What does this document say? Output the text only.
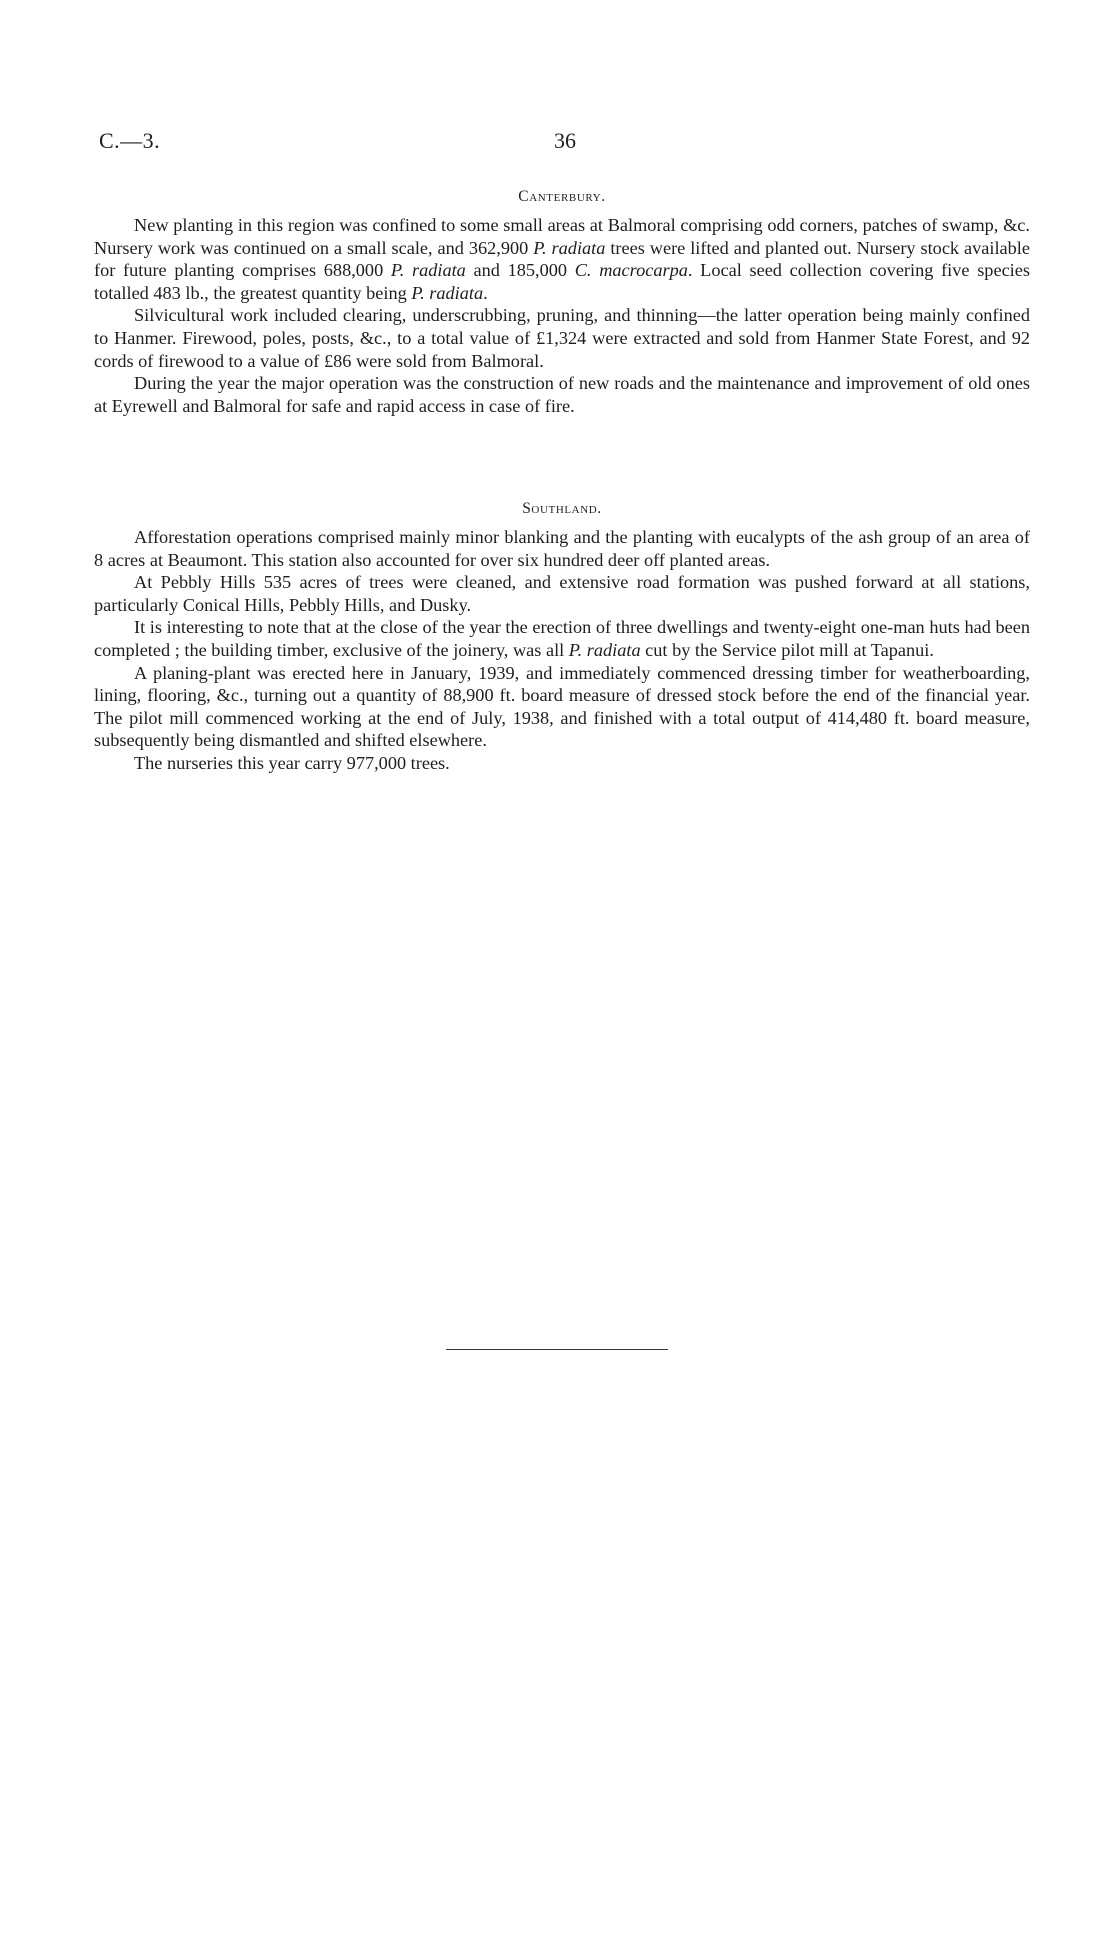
C.—3.	36

Canterbury.

New planting in this region was confined to some small areas at Balmoral comprising odd corners, patches of swamp, &c. Nursery work was continued on a small scale, and 362,900 P. radiata trees were lifted and planted out. Nursery stock available for future planting comprises 688,000 P. radiata and 185,000 C. macrocarpa. Local seed collection covering five species totalled 483 lb., the greatest quantity being P. radiata.

Silvicultural work included clearing, underscrubbing, pruning, and thinning—the latter operation being mainly confined to Hanmer. Firewood, poles, posts, &c., to a total value of £1,324 were extracted and sold from Hanmer State Forest, and 92 cords of firewood to a value of £86 were sold from Balmoral.

During the year the major operation was the construction of new roads and the maintenance and improvement of old ones at Eyrewell and Balmoral for safe and rapid access in case of fire.

Southland.

Afforestation operations comprised mainly minor blanking and the planting with eucalypts of the ash group of an area of 8 acres at Beaumont. This station also accounted for over six hundred deer off planted areas.

At Pebbly Hills 535 acres of trees were cleaned, and extensive road formation was pushed forward at all stations, particularly Conical Hills, Pebbly Hills, and Dusky.

It is interesting to note that at the close of the year the erection of three dwellings and twenty-eight one-man huts had been completed ; the building timber, exclusive of the joinery, was all P. radiata cut by the Service pilot mill at Tapanui.

A planing-plant was erected here in January, 1939, and immediately commenced dressing timber for weatherboarding, lining, flooring, &c., turning out a quantity of 88,900 ft. board measure of dressed stock before the end of the financial year. The pilot mill commenced working at the end of July, 1938, and finished with a total output of 414,480 ft. board measure, subsequently being dismantled and shifted elsewhere.

The nurseries this year carry 977,000 trees.
